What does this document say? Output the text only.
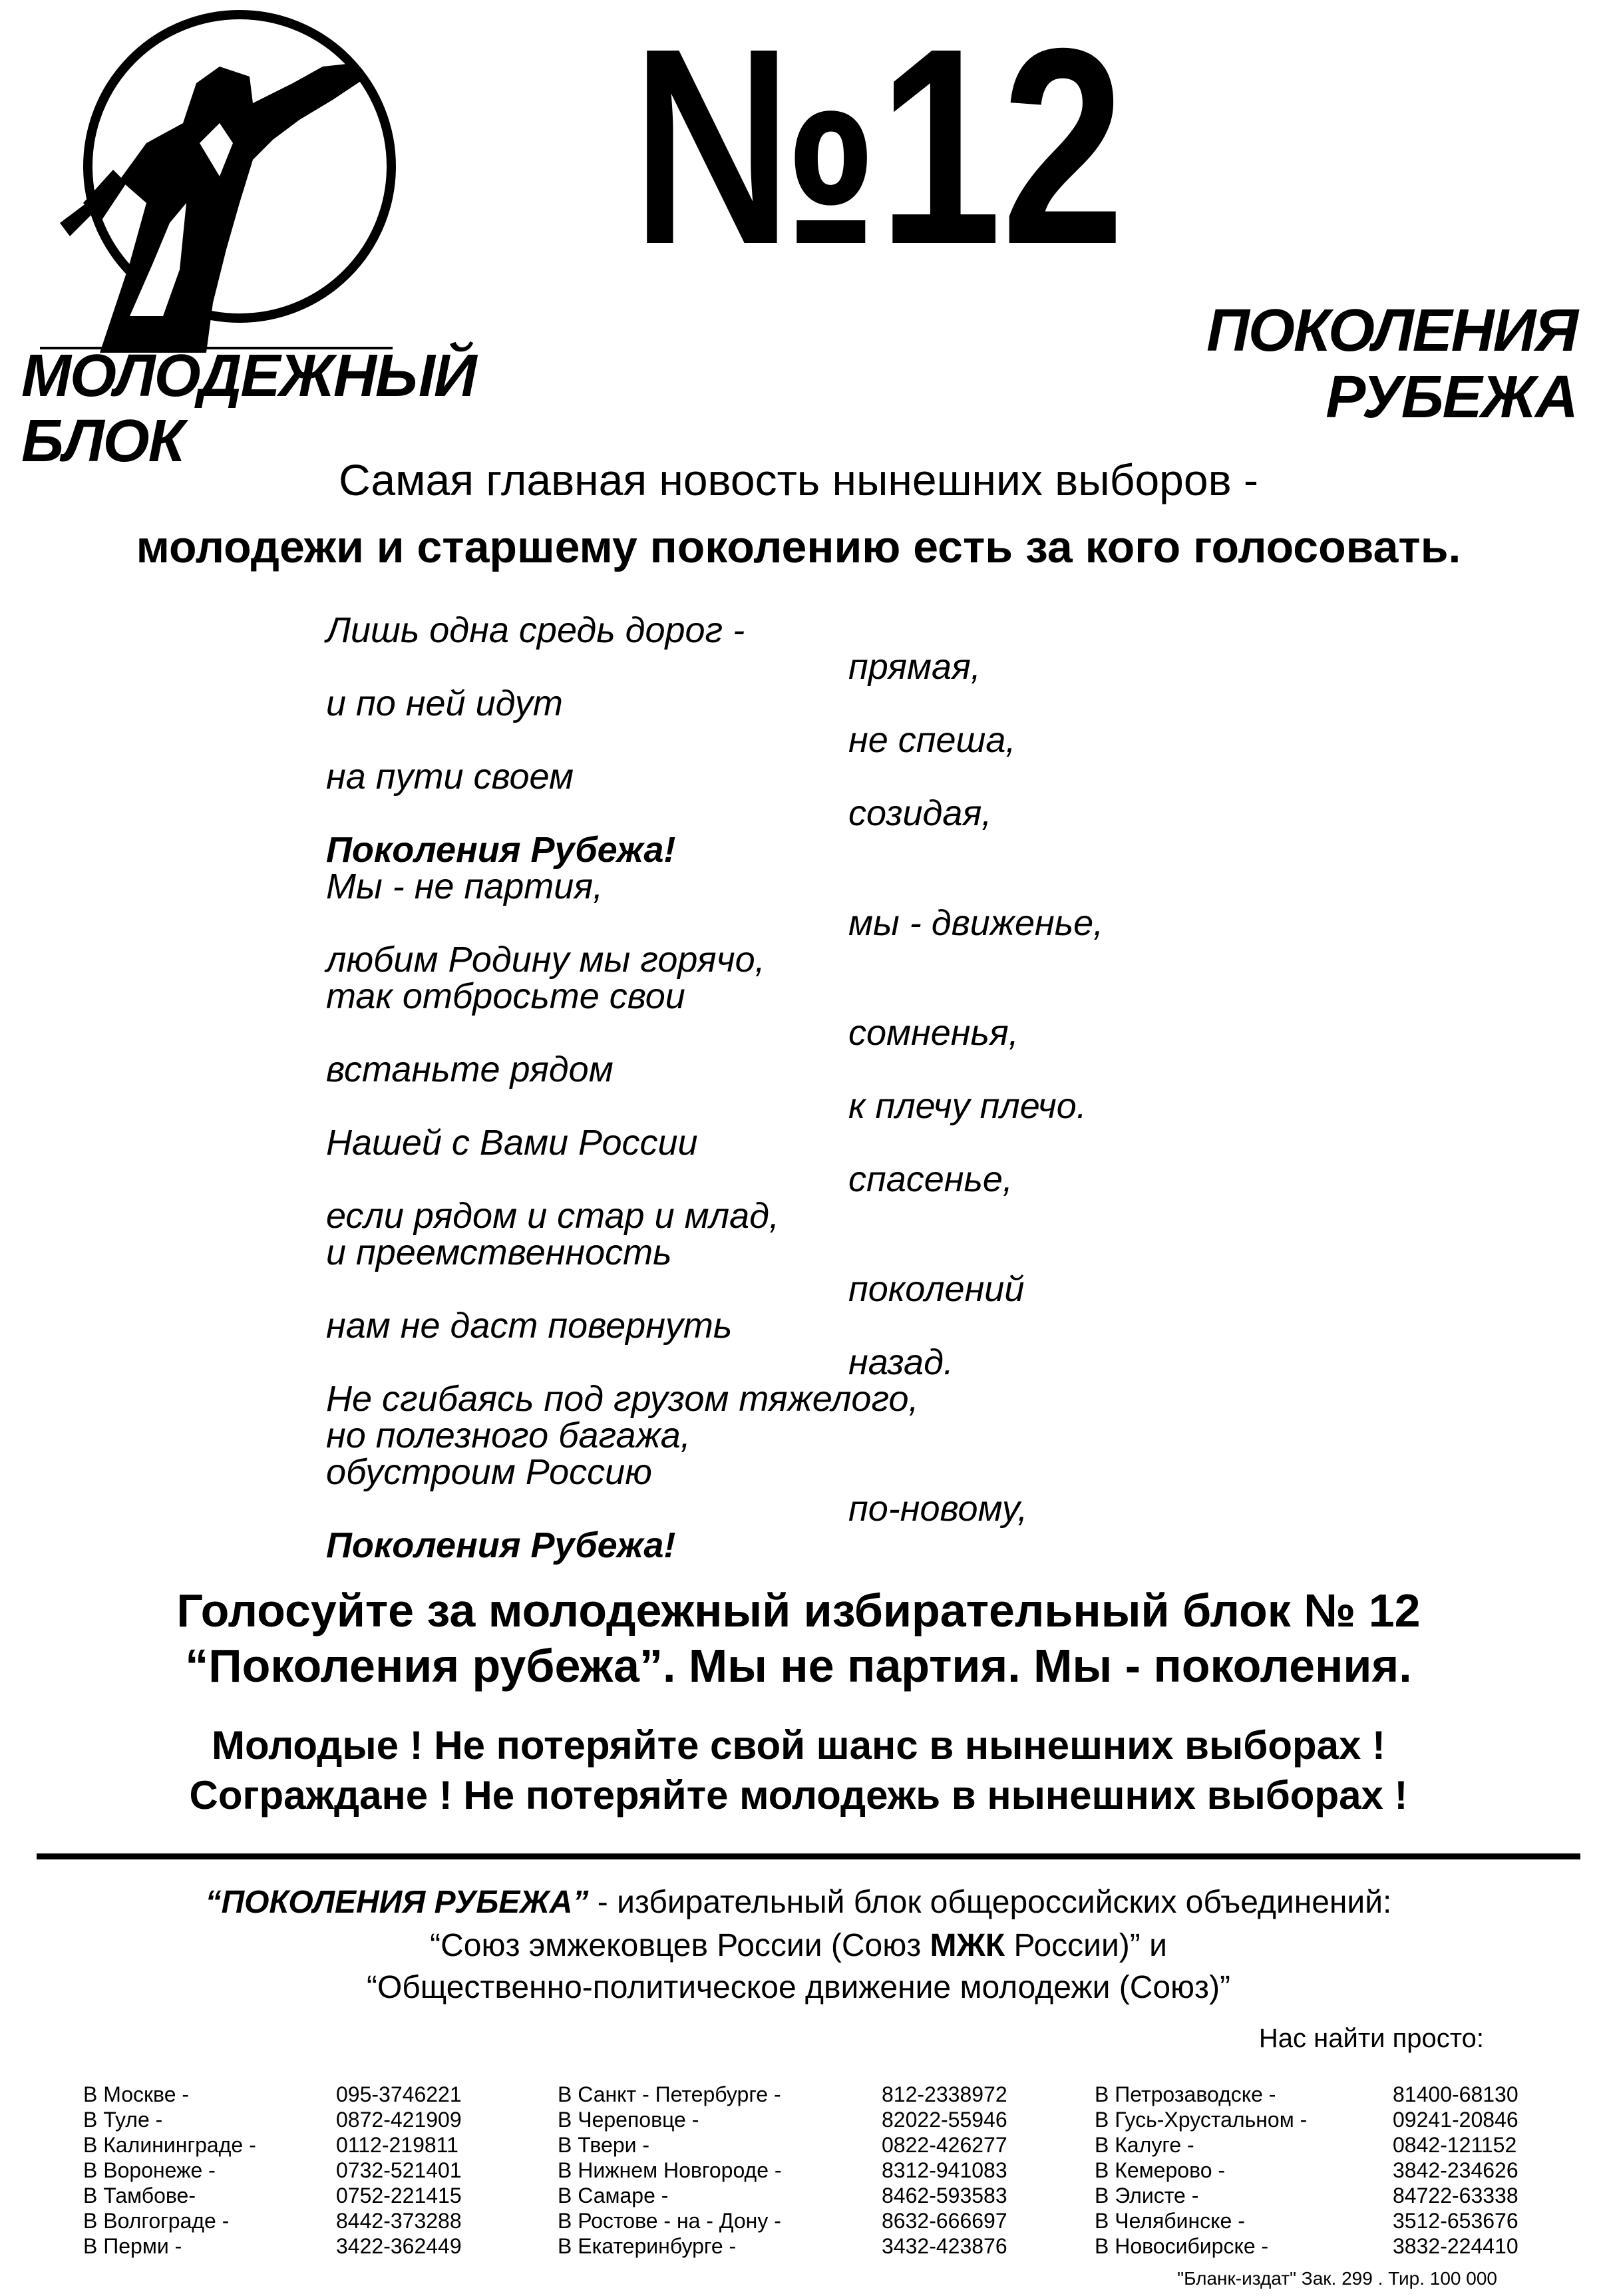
МОЛОДЕЖНЫЙ
БЛОК
№12
ПОКОЛЕНИЯ
РУБЕЖА
Самая главная новость нынешних выборов -
молодежи и старшему поколению есть за кого голосовать.
Лишь одна средь дорог -
прямая,
и по ней идут
не спеша,
на пути своем
созидая,
Поколения Рубежа!
Мы - не партия,
мы - движенье,
любим Родину мы горячо,
так отбросьте свои
сомненья,
встаньте рядом
к плечу плечо.
Нашей с Вами России
спасенье,
если рядом и стар и млад,
и преемственность
поколений
нам не даст повернуть
назад.
Не сгибаясь под грузом тяжелого,
но полезного багажа,
обустроим Россию
по-новому,
Поколения Рубежа!
Голосуйте за молодежный избирательный блок № 12
“Поколения рубежа”. Мы не партия. Мы - поколения.
Молодые ! Не потеряйте свой шанс в нынешних выборах !
Сограждане ! Не потеряйте молодежь в нынешних выборах !
“ПОКОЛЕНИЯ РУБЕЖА” - избирательный блок общероссийских объединений:
“Союз эмжековцев России (Союз МЖК России)” и
“Общественно-политическое движение молодежи (Союз)”
Нас найти просто:
В Москве -	095-3746221
В Туле -	0872-421909
В Калининграде -	0112-219811
В Воронеже -	0732-521401
В Тамбове-	0752-221415
В Волгограде -	8442-373288
В Перми -	3422-362449
В Санкт - Петербурге -	812-2338972
В Череповце -	82022-55946
В Твери -	0822-426277
В Нижнем Новгороде -	8312-941083
В Самаре -	8462-593583
В Ростове - на - Дону -	8632-666697
В Екатеринбурге -	3432-423876
В Петрозаводске -	81400-68130
В Гусь-Хрустальном -	09241-20846
В Калуге -	0842-121152
В Кемерово -	3842-234626
В Элисте -	84722-63338
В Челябинске -	3512-653676
В Новосибирске -	3832-224410
"Бланк-издат" Зак. 299 . Тир. 100 000
